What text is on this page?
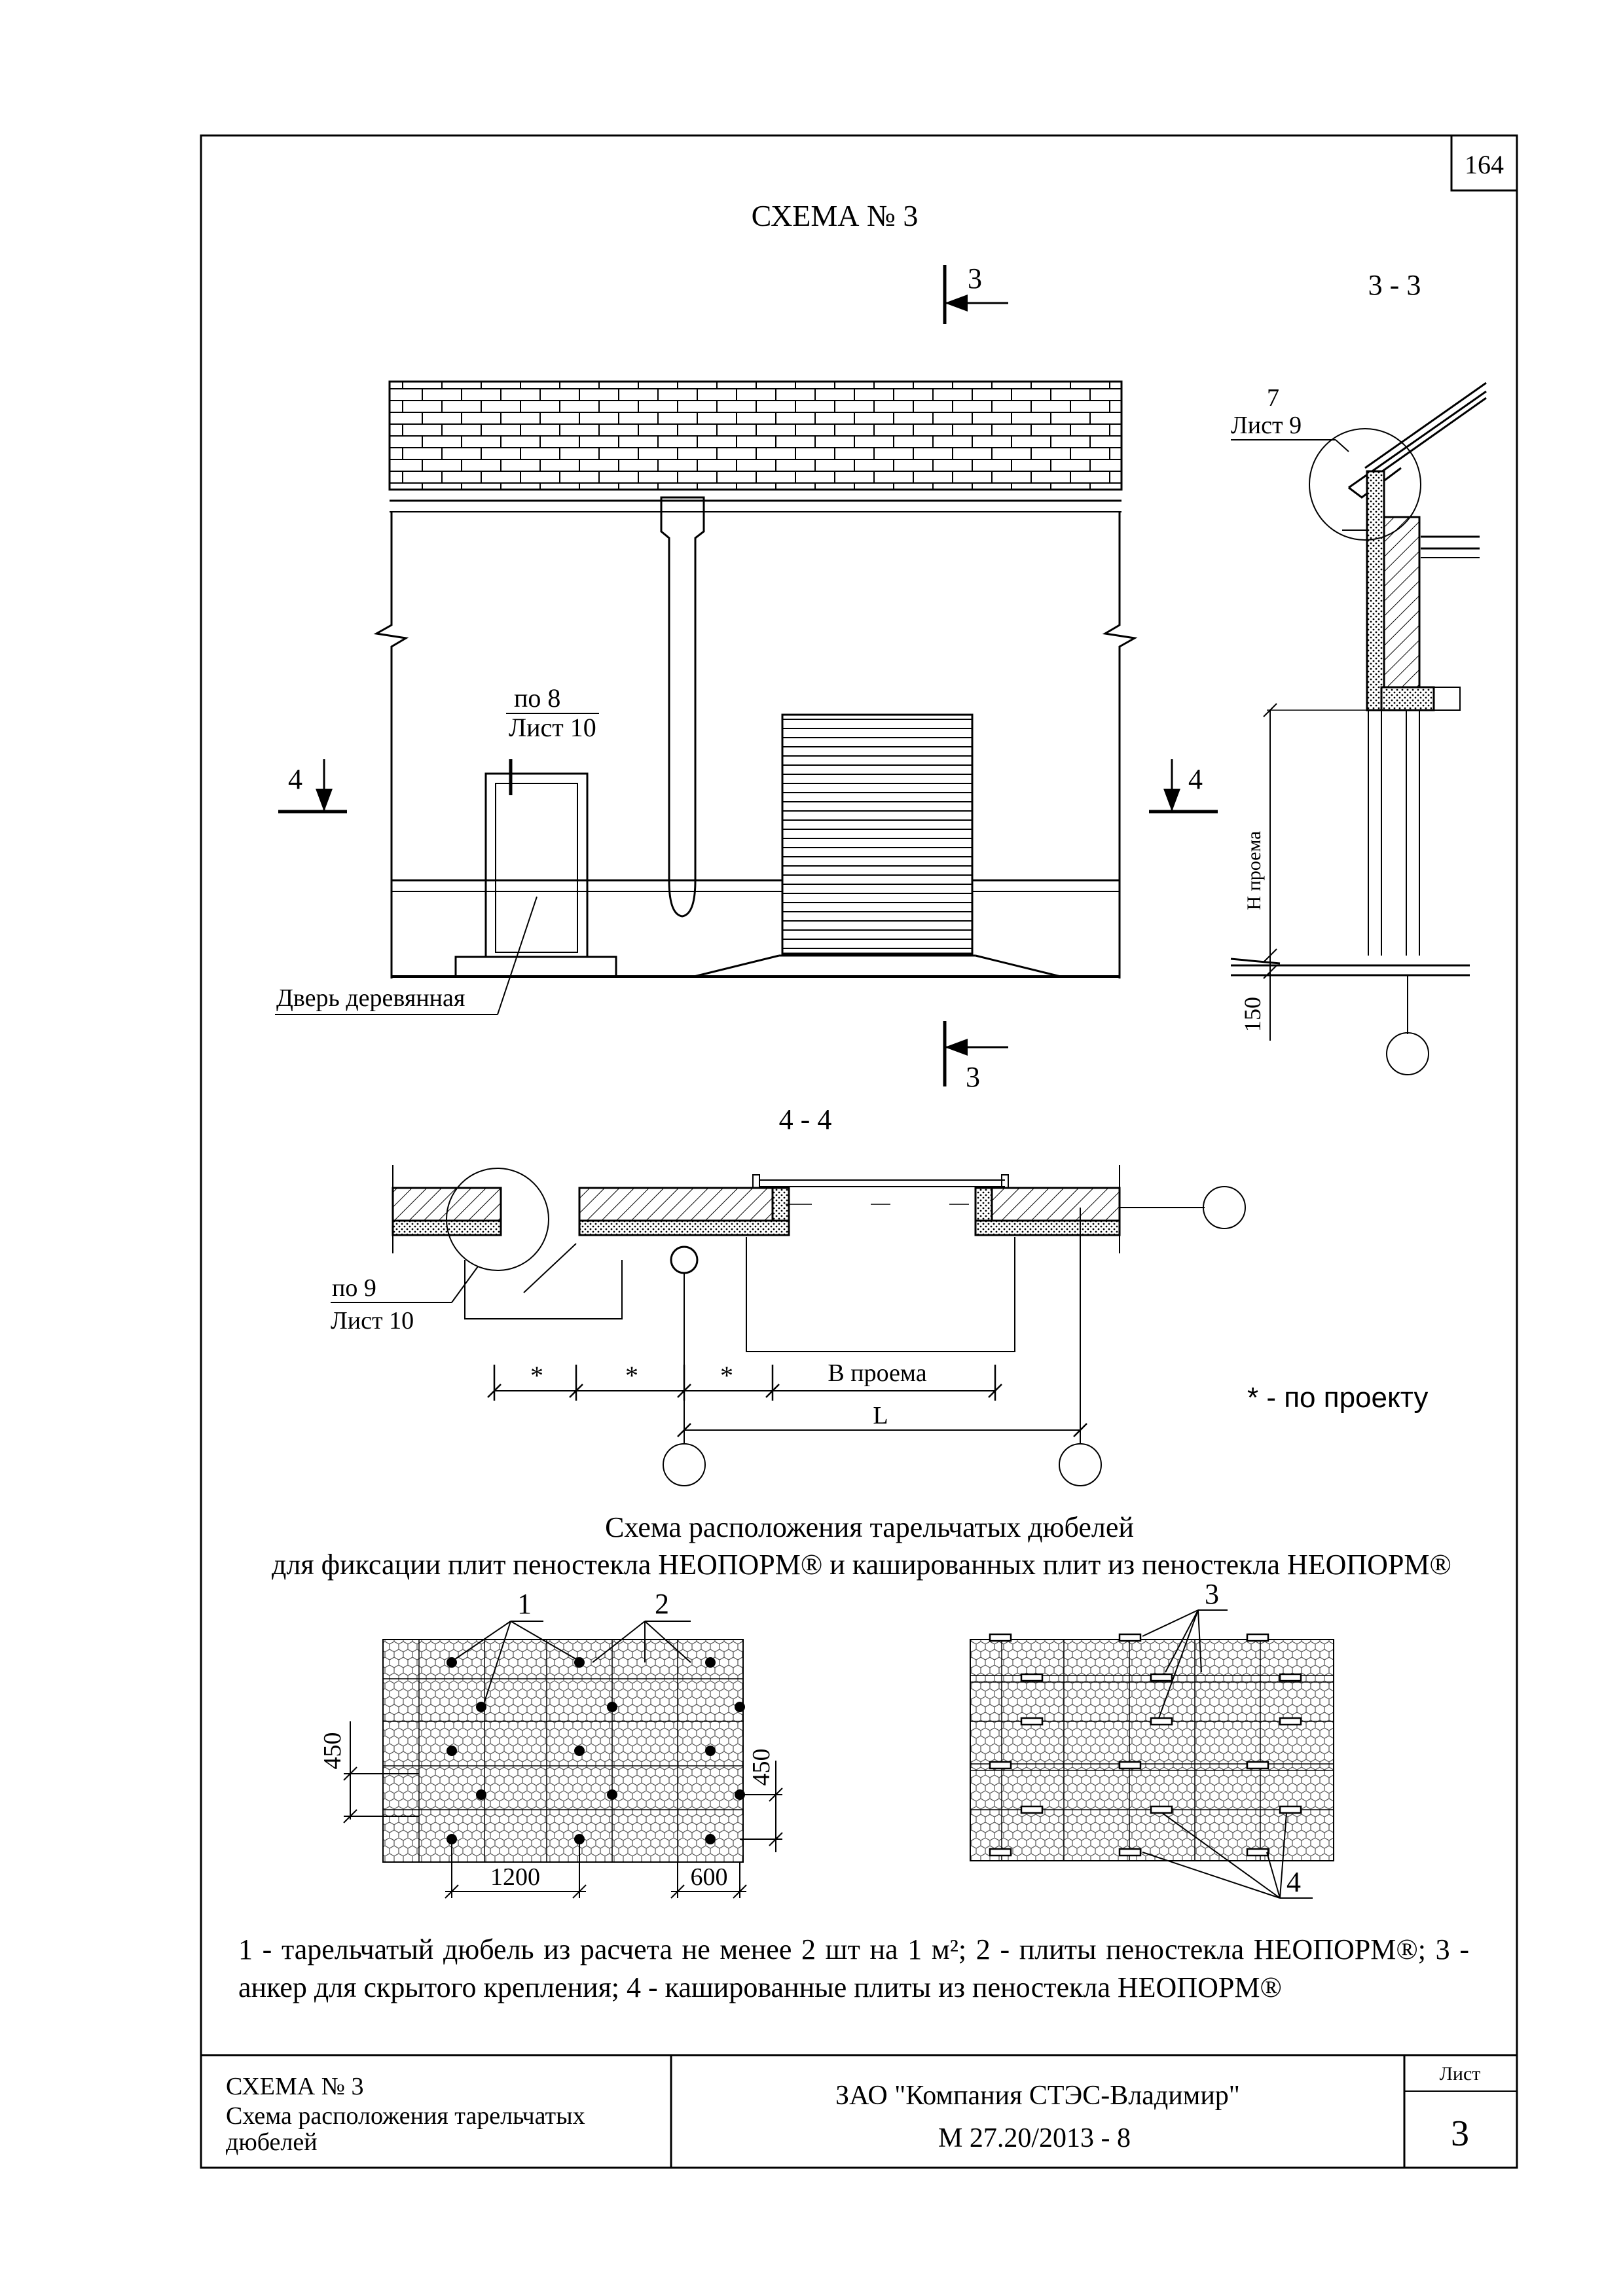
164
СХЕМА № 3
3	3 - 3
по 8
Лист 10
Дверь деревянная
4	4
3
7
Лист 9
Н проема
150
4 - 4
по 9
Лист 10
*	*	*	В проема
L
* - по проекту
Схема расположения тарельчатых дюбелей
для фиксации плит пеностекла НЕОПОРМ® и кашированных плит из пеностекла НЕОПОРМ®
1	2
450	450
1200	600
3
4
СХЕМА № 3
Схема расположения тарельчатых
дюбелей
ЗАО "Компания СТЭС-Владимир"
М 27.20/2013 - 8
Лист
3
1 - тарельчатый дюбель из расчета не менее 2 шт на 1 м²; 2 - плиты пеностекла НЕОПОРМ®; 3 - анкер для скрытого крепления; 4 - кашированные плиты из пеностекла НЕОПОРМ®
